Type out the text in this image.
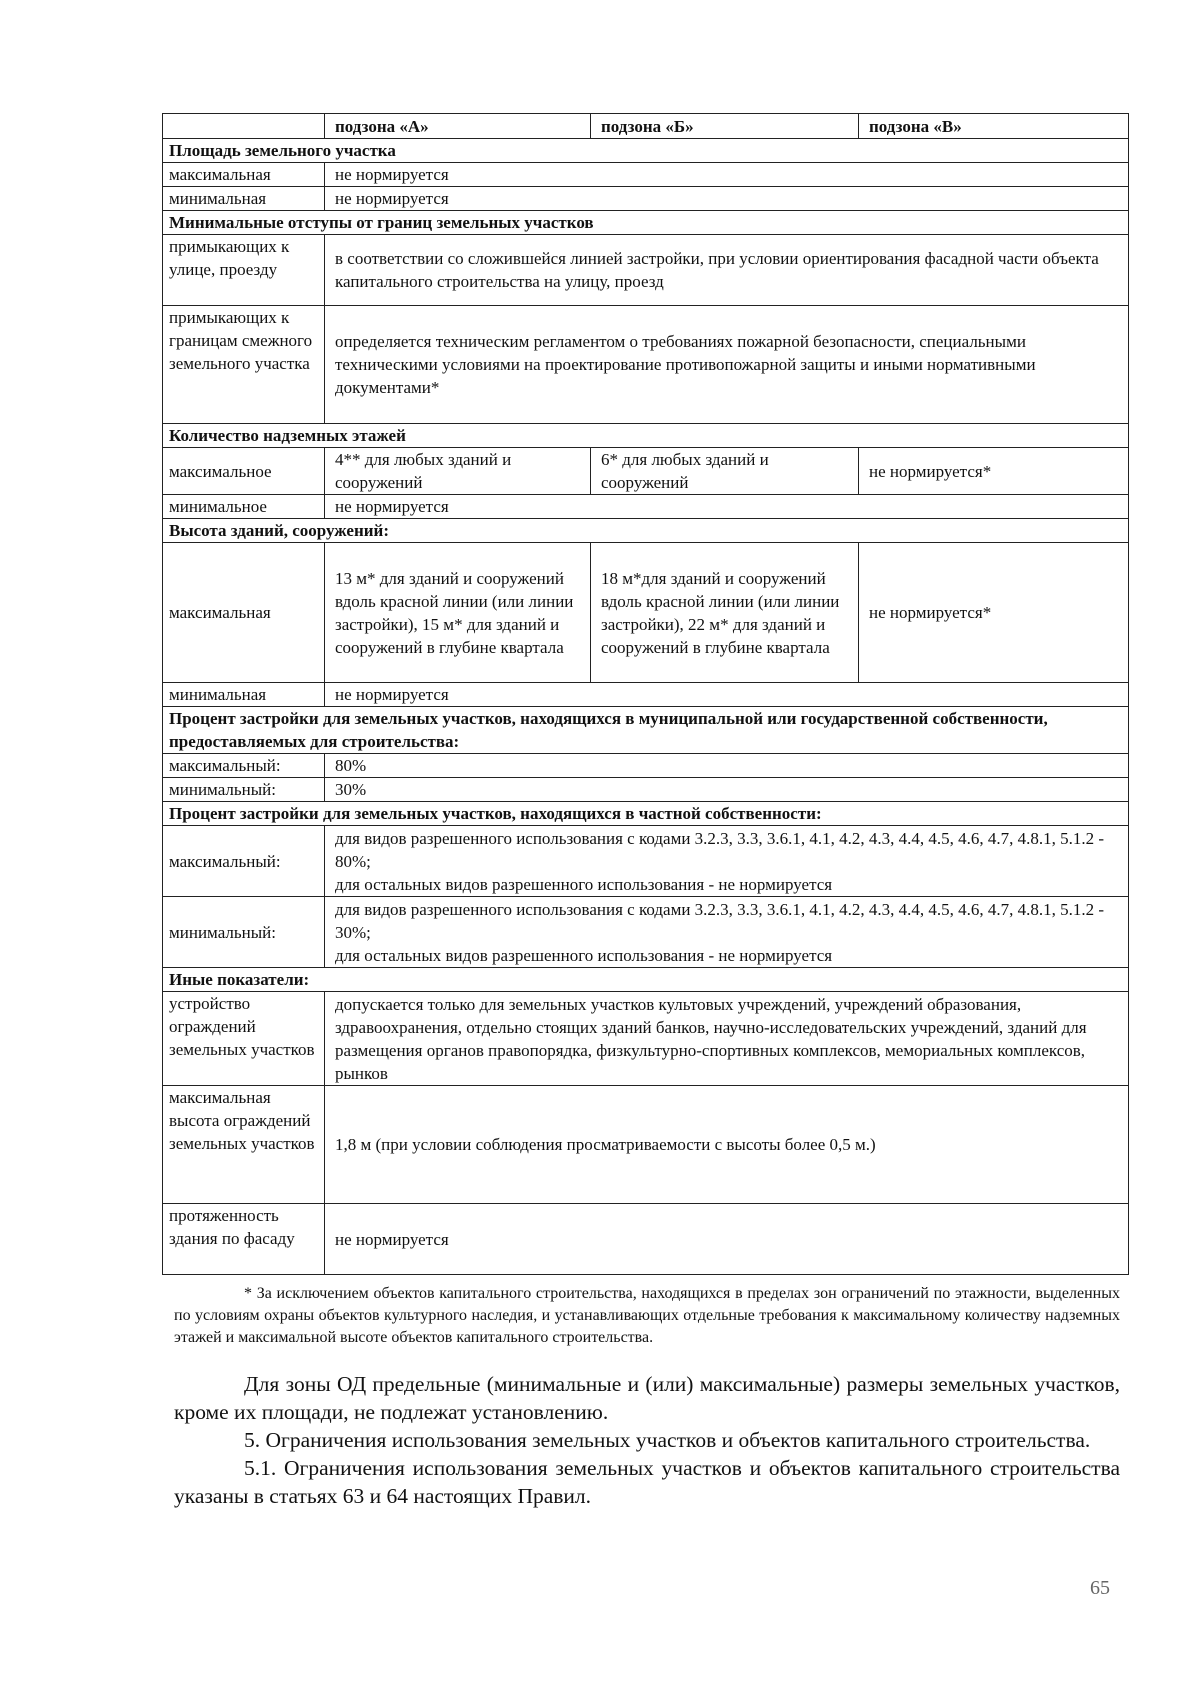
	подзона «А»	подзона «Б»	подзона «В»
Площадь земельного участка			
максимальная	не нормируется		
минимальная	не нормируется		
Минимальные отступы от границ земельных участков			
примыкающих к улице, проезду	в соответствии со сложившейся линией застройки, при условии ориентирования фасадной части объекта капитального строительства на улицу, проезд		
примыкающих к границам смежного земельного участка	определяется техническим регламентом о требованиях пожарной безопасности, специальными техническими условиями на проектирование противопожарной защиты и иными нормативными документами*		
Количество надземных этажей			
максимальное	4** для любых зданий и сооружений	6* для любых зданий и сооружений	не нормируется*
минимальное	не нормируется		
Высота зданий, сооружений:			
максимальная	13 м* для зданий и сооружений вдоль красной линии (или линии застройки), 15 м* для зданий и сооружений в глубине квартала	18 м*для зданий и сооружений вдоль красной линии (или линии застройки), 22 м* для зданий и сооружений в глубине квартала	не нормируется*
минимальная	не нормируется		
Процент застройки для земельных участков, находящихся в муниципальной или государственной собственности, предоставляемых для строительства:			
максимальный:	80%		
минимальный:	30%		
Процент застройки для земельных участков, находящихся в частной собственности:			
максимальный:	для видов разрешенного использования с кодами 3.2.3, 3.3, 3.6.1, 4.1, 4.2, 4.3, 4.4, 4.5, 4.6, 4.7, 4.8.1, 5.1.2 - 80%;
для остальных видов разрешенного использования - не нормируется		

минимальный:	для видов разрешенного использования с кодами 3.2.3, 3.3, 3.6.1, 4.1, 4.2, 4.3, 4.4, 4.5, 4.6, 4.7, 4.8.1, 5.1.2 - 30%;
для остальных видов разрешенного использования - не нормируется		

Иные показатели:			
устройство ограждений земельных участков	допускается только для земельных участков культовых учреждений, учреждений образования, здравоохранения, отдельно стоящих зданий банков, научно-исследовательских учреждений, зданий для размещения органов правопорядка, физкультурно-спортивных комплексов, мемориальных комплексов, рынков		
максимальная высота ограждений земельных участков	1,8 м (при условии соблюдения просматриваемости с высоты более 0,5 м.)		
протяженность здания по фасаду	не нормируется		

* За исключением объектов капитального строительства, находящихся в пределах зон ограничений по этажности, выделенных по условиям охраны объектов культурного наследия, и устанавливающих отдельные требования к максимальному количеству надземных этажей и максимальной высоте объектов капитального строительства.

Для зоны ОД предельные (минимальные и (или) максимальные) размеры земельных участков, кроме их площади, не подлежат установлению.

5. Ограничения использования земельных участков и объектов капитального строительства.

5.1. Ограничения использования земельных участков и объектов капитального строительства указаны в статьях 63 и 64 настоящих Правил.

65
